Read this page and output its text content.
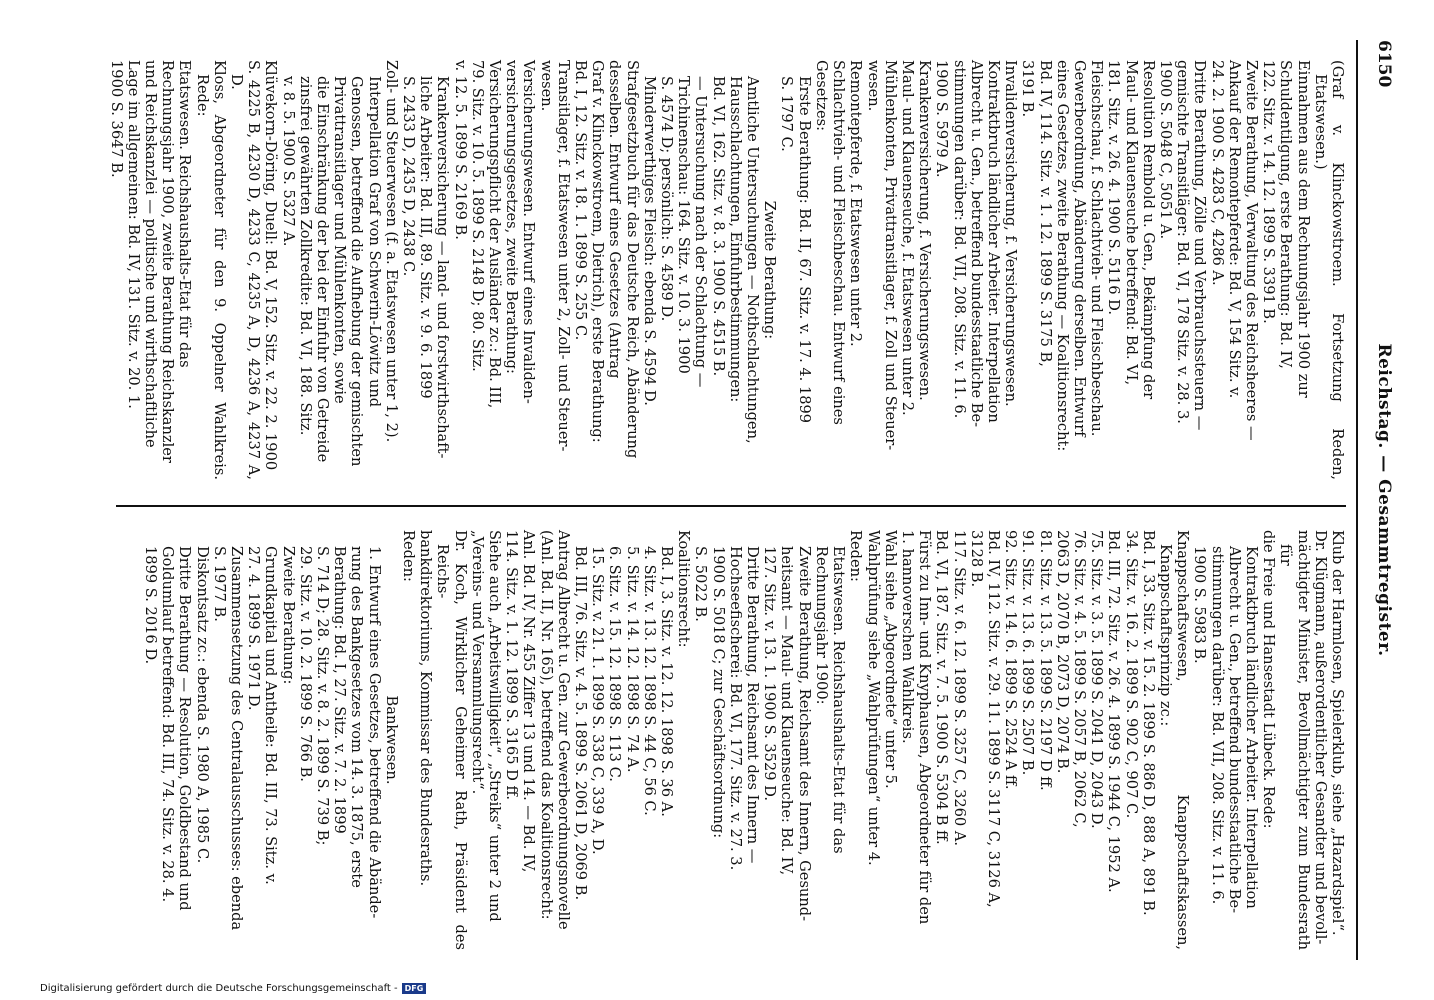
6150
Reichstag. — Gesammtregister.

(Graf v. Klinckowstroem. Fortsetzung Reden, Etatswesen.)
Einnahmen aus dem Rechnungsjahr 1900 zur
Schuldentilgung, erste Berathung: Bd. IV,
122. Sitz. v. 14. 12. 1899 S. 3391 B.

Zweite Berathung, Verwaltung des Reichsheeres —
Ankauf der Remontepferde: Bd. V, 154 Sitz. v.
24. 2. 1900 S. 4283 C, 4286 A.

Dritte Berathung, Zölle und Verbrauchssteuern —
gemischte Transitläger: Bd. VI, 178 Sitz. v. 28. 3.
1900 S. 5048 C, 5051 A.

Resolution Rembold u. Gen., Bekämpfung der
Maul- und Klauenseuche betreffend: Bd. VI,
181. Sitz. v. 26. 4. 1900 S. 5116 D.

Fleischschau, f. Schlachtvieh- und Fleischbeschau.

Gewerbeordnung, Abänderung derselben. Entwurf
eines Gesetzes, zweite Berathung — Koalitionsrecht:
Bd. IV, 114. Sitz. v. 1. 12. 1899 S. 3175 B,
3191 B.

Invalidenversicherung, f. Versicherungswesen.

Kontraktbruch ländlicher Arbeiter. Interpellation
Albrecht u. Gen., betreffend bundesstaatliche Be-
stimmungen darüber: Bd. VII, 208. Sitz. v. 11. 6.
1900 S. 5979 A.

Krankenversicherung, f. Versicherungswesen.

Maul- und Klauenseuche, f. Etatswesen unter 2.

Mühlenkonten, Privattransitlager, f. Zoll und Steuer-
wesen.

Remontepferde, f. Etatswesen unter 2.

Schlachtvieh- und Fleischbeschau. Entwurf eines
Gesetzes:

Erste Berathung: Bd. II, 67. Sitz. v. 17. 4. 1899
S. 1797 C.

Zweite Berathung:

Amtliche Untersuchungen — Nothschlachtungen,
Hausschlachtungen, Einfuhrbestimmungen:
Bd. VI, 162. Sitz. v. 8. 3. 1900 S. 4515 B.
— Untersuchung nach der Schlachtung —
Trichinenschau: 164. Sitz. v. 10. 3. 1900
S. 4574 D; persönlich: S. 4589 D.
Minderwerthiges Fleisch: ebenda S. 4594 D.

Strafgesetzbuch für das Deutsche Reich, Abänderung
desselben. Entwurf eines Gesetzes (Antrag
Graf v. Klinckowstroem, Dietrich), erste Berathung:
Bd. I, 12. Sitz. v. 18. 1. 1899 S. 255 C.

Transitlager, f. Etatswesen unter 2, Zoll- und Steuer-
wesen.

Versicherungswesen. Entwurf eines Invaliden-
versicherungsgesetzes, zweite Berathung:
Versicherungspflicht der Ausländer zc.: Bd. III,
79. Sitz. v. 10. 5. 1899 S. 2148 D; 80. Sitz.
v. 12. 5. 1899 S. 2169 B.

Krankenversicherung — land- und forstwirthschaft-
liche Arbeiter: Bd. III, 89. Sitz. v. 9. 6. 1899
S. 2433 D, 2435 D, 2438 C.

Zoll- und Steuerwesen (f. a. Etatswesen unter 1, 2).

Interpellation Graf von Schwerin-Löwitz und
Genossen, betreffend die Aufhebung der gemischten
Privattransitlager und Mühlenkonten, sowie
die Einschränkung der bei der Einfuhr von Getreide
zinsfrei gewährten Zollkredite: Bd. VI, 188. Sitz.
v. 8. 5. 1900 S. 5327 A.

Klüvekorn-Döring, Duell: Bd. V, 152. Sitz. v. 22. 2. 1900
S. 4225 B, 4230 D, 4233 C, 4235 A, D, 4236 A, 4237 A, D.

Kloss, Abgeordneter für den 9. Oppelner Wahlkreis. Rede:
Etatswesen. Reichshaushalts-Etat für das
Rechnungsjahr 1900, zweite Berathung Reichskanzler
und Reichskanzlei — politische und wirthschaftliche
Lage im allgemeinen: Bd. IV, 131. Sitz. v. 20. 1.
1900 S. 3647 B.

Klub der Harmlosen, Spielerklub, siehe „Hazardspiel“.

Dr. Klügmann, außerordentlicher Gesandter und bevoll-
mächtigter Minister, Bevollmächtigter zum Bundesrath für
die Freie und Hansestadt Lübeck. Rede:

Kontraktbruch ländlicher Arbeiter. Interpellation
Albrecht u. Gen., betreffend bundesstaatliche Be-
stimmungen darüber: Bd. VII, 208. Sitz. v. 11. 6.
1900 S. 5983 B.

Knappschaftswesen, Knappschaftskassen, Knappschaftsprinzip zc.:
Bd. I, 33. Sitz. v. 15. 2. 1899 S. 886 D, 888 A, 891 B.
34. Sitz. v. 16. 2. 1899 S. 902 C, 907 C.

Bd. III, 72. Sitz. v. 26. 4. 1899 S. 1944 C, 1952 A.
75. Sitz. v. 3. 5. 1899 S. 2041 D, 2043 D.
76. Sitz. v. 4. 5. 1899 S. 2057 B, 2062 C,
2063 D, 2070 B, 2073 D, 2074 B.
81. Sitz. v. 13. 5. 1899 S. 2197 D ff.
91. Sitz. v. 13. 6. 1899 S. 2507 B.
92. Sitz. v. 14. 6. 1899 S. 2524 A ff.

Bd. IV, 112. Sitz. v. 29. 11. 1899 S. 3117 C, 3126 A,
3128 B.
117. Sitz. v. 6. 12. 1899 S. 3257 C, 3260 A.
Bd. VI, 187. Sitz. v. 7. 5. 1900 S. 5304 B ff.

Fürst zu Inn- und Knyphausen, Abgeordneter für den
1. hannoverschen Wahlkreis.
Wahl siehe „Abgeordnete“ unter 5.
Wahlprüfung siehe „Wahlprüfungen“ unter 4.
Reden:

Etatswesen. Reichshaushalts-Etat für das
Rechnungsjahr 1900:

Zweite Berathung, Reichsamt des Innern, Gesund-
heitsamt — Maul- und Klauenseuche: Bd. IV,
127. Sitz. v. 13. 1. 1900 S. 3529 D.
Dritte Berathung, Reichsamt des Innern —
Hochseefischerei: Bd. VI, 177. Sitz. v. 27. 3.
1900 S. 5018 C; zur Geschäftsordnung:
S. 5022 B.

Koalitionsrecht:

Bd. I, 3. Sitz. v. 12. 12. 1898 S. 36 A.
4. Sitz. v. 13. 12. 1898 S. 44 C, 56 C.
5. Sitz. v. 14. 12. 1898 S. 74 A.
6. Sitz. v. 15. 12. 1898 S. 113 C.
15. Sitz. v. 21. 1. 1899 S. 338 C, 339 A, D.
Bd. III, 76. Sitz. v. 4. 5. 1899 S. 2061 D, 2069 B.

Antrag Albrecht u. Gen. zur Gewerbeordnungsnovelle
(Anl. Bd. II, Nr. 165), betreffend das Koalitionsrecht:
Anl. Bd. IV, Nr. 455 Ziffer 13 und 14. — Bd. IV,
114. Sitz. v. 1. 12. 1899 S. 3165 D ff.
Siehe auch „Arbeitswilligkeit“, „Streiks“ unter 2 und
„Vereins- und Versammlungsrecht“.

Dr. Koch, Wirklicher Geheimer Rath, Präsident des Reichs-
bankdirektoriums, Kommissar des Bundesraths.
Reden:

Bankwesen.

1. Entwurf eines Gesetzes, betreffend die Abände-
rung des Bankgesetzes vom 14. 3. 1875, erste
Berathung: Bd. I, 27. Sitz. v. 7. 2. 1899
S. 714 D; 28. Sitz. v. 8. 2. 1899 S. 739 B;
29. Sitz. v. 10. 2. 1899 S. 766 B.

Zweite Berathung:

Grundkapital und Antheile: Bd. III, 73. Sitz. v.
27. 4. 1899 S. 1971 D.
Zusammensetzung des Centralausschusses: ebenda
S. 1977 B.
Diskontsatz zc.: ebenda S. 1980 A, 1985 C.

Dritte Berathung — Resolution, Goldbestand und
Goldumlauf betreffend: Bd. III, 74. Sitz. v. 28. 4.
1899 S. 2016 D.

Digitalisierung gefördert durch die Deutsche Forschungsgemeinschaft - DFG
